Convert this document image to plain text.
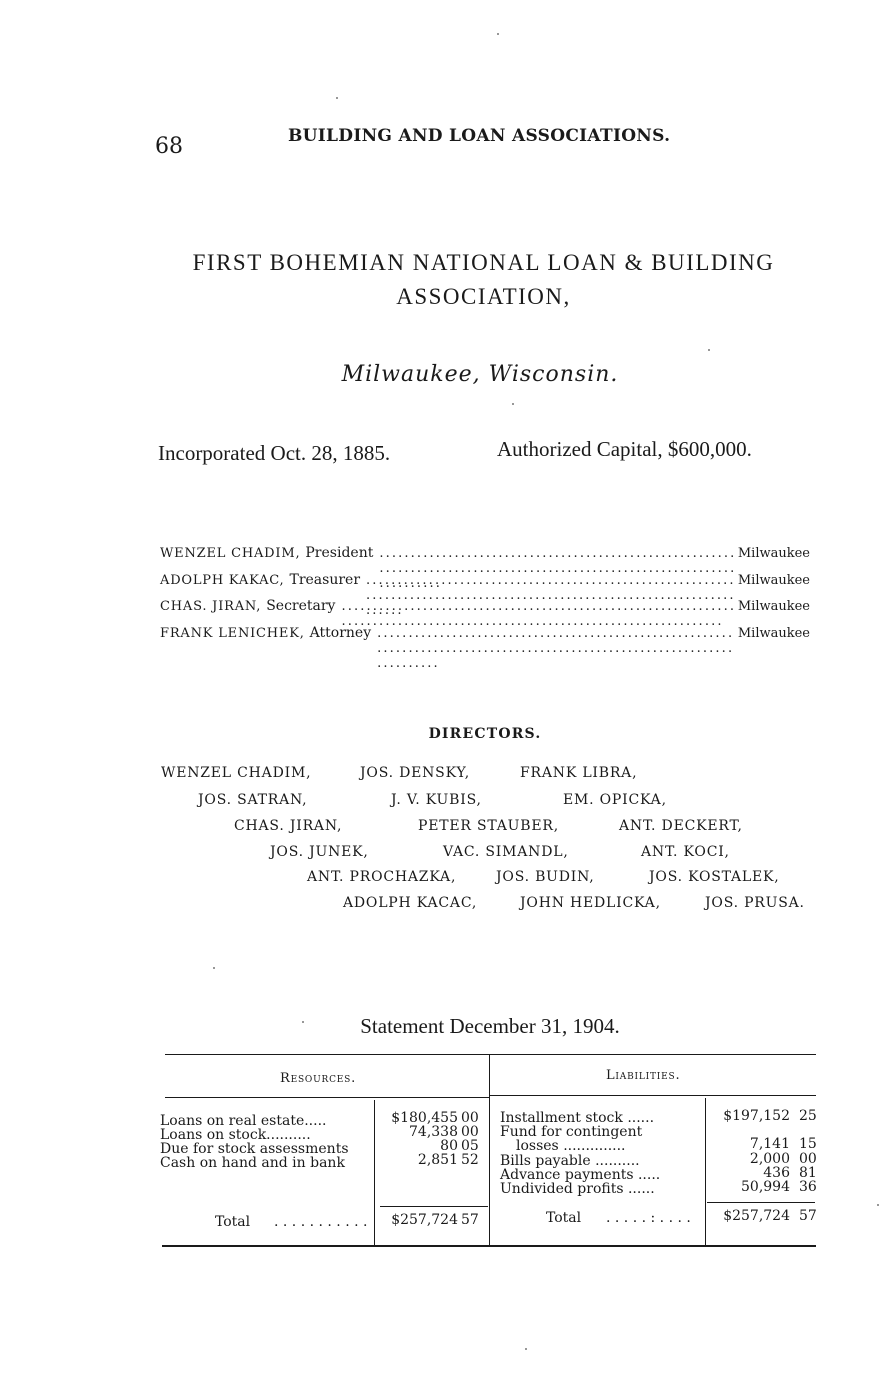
68	BUILDING AND LOAN ASSOCIATIONS.
FIRST BOHEMIAN NATIONAL LOAN & BUILDING
ASSOCIATION,
Milwaukee, Wisconsin.
Incorporated Oct. 28, 1885.	Authorized Capital, $600,000.
WENZEL CHADIM, President . . .	Milwaukee
ADOLPH KAKAC, Treasurer . . .	Milwaukee
CHAS. JIRAN, Secretary . . .	Milwaukee
FRANK LENICHEK, Attorney . . .	Milwaukee
DIRECTORS.
WENZEL CHADIM,	JOS. DENSKY,	FRANK LIBRA,
JOS. SATRAN,	J. V. KUBIS,	EM. OPICKA,
CHAS. JIRAN,	PETER STAUBER,	ANT. DECKERT,
JOS. JUNEK,	VAC. SIMANDL,	ANT. KOCI,
ANT. PROCHAZKA,	JOS. BUDIN,	JOS. KOSTALEK,
ADOLPH KACAC,	JOHN HEDLICKA,	JOS. PRUSA.
Statement December 31, 1904.
Resources.
Loans on real estate.....	$180,455 00
Loans on stock..........	74,338 00
Due for stock assessments	80 05
Cash on hand and in bank	2,851 52
Total . . . . . . . . . . . $257,724 57
Liabilities.
Installment stock ......	$197,152 25
Fund for contingent
losses ..............	7,141 15
Bills payable ..........	2,000 00
Advance payments .....	436 81
Undivided profits ......	50,994 36
Total . . . . . : . . . . $257,724 57
